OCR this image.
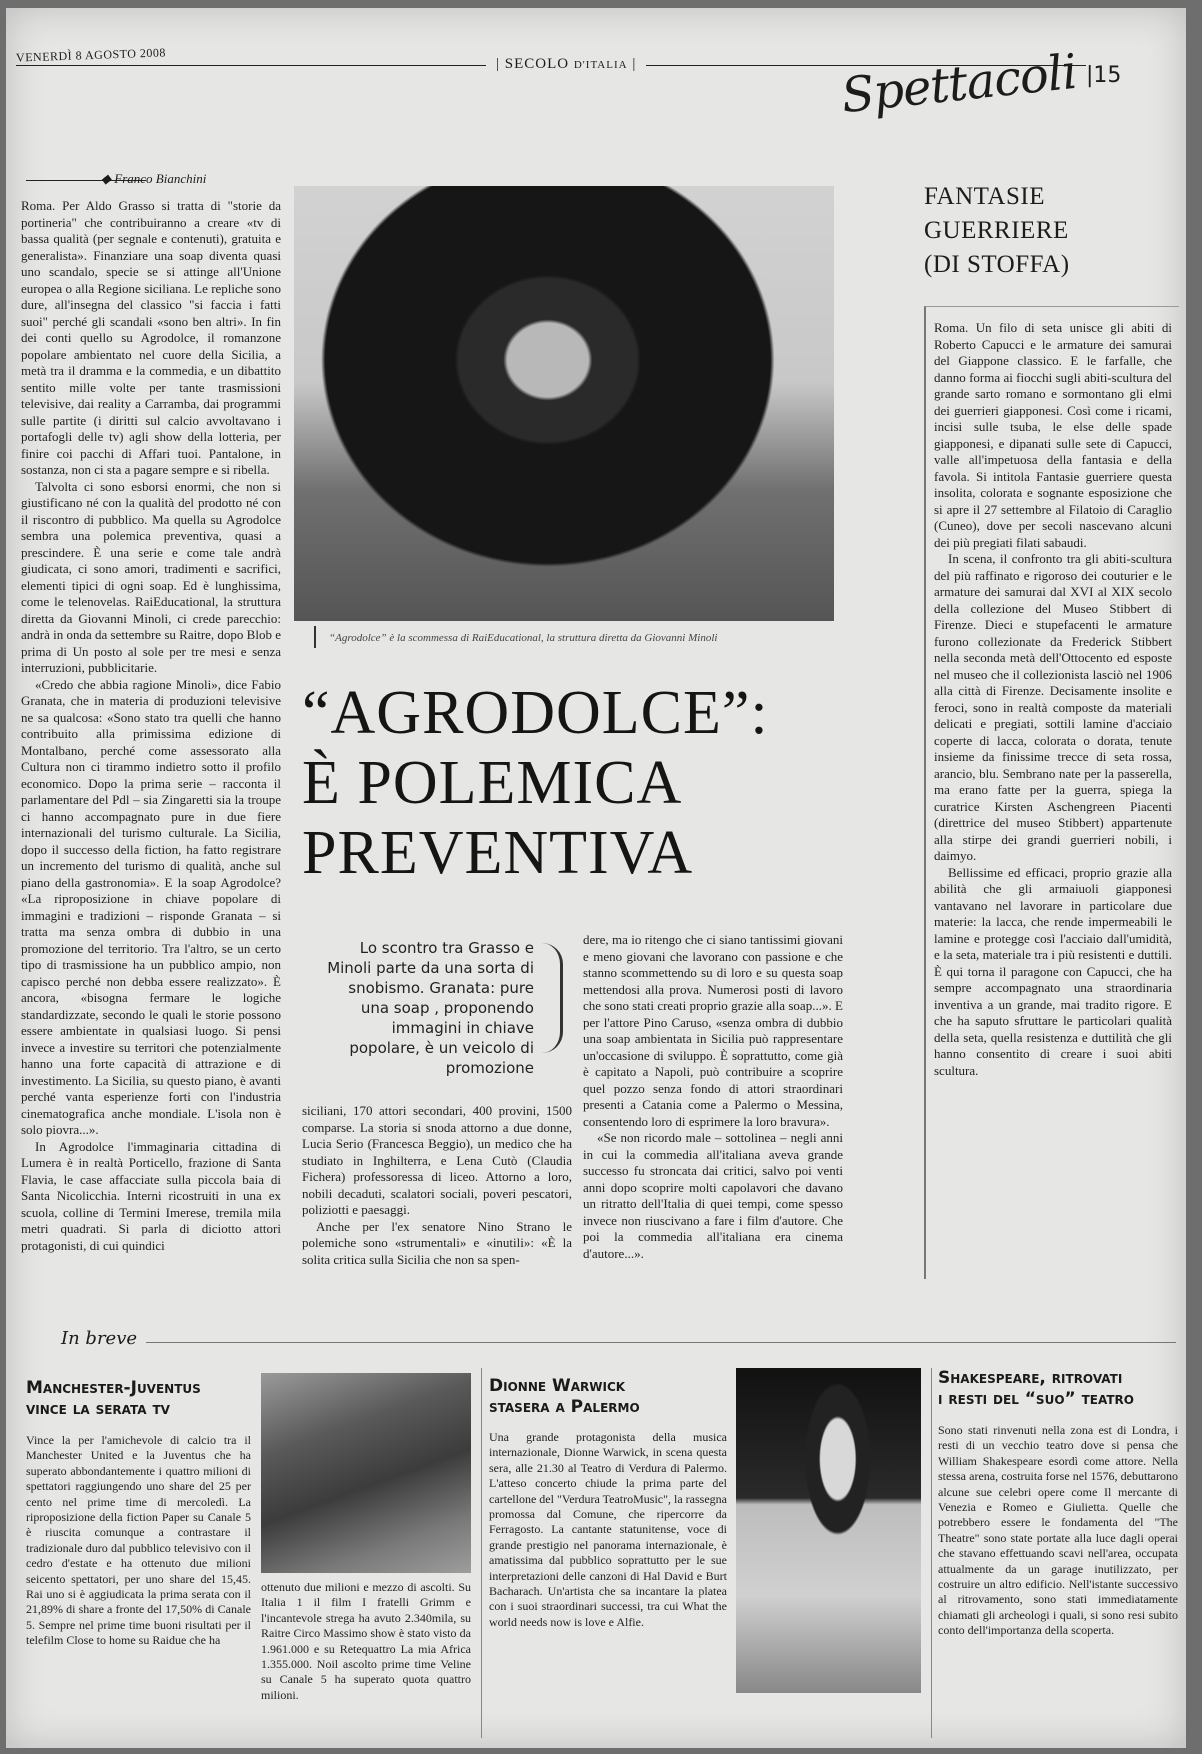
VENERDÌ 8 AGOSTO 2008	| SECOLO D'ITALIA |	Spettacoli |15
◆ Franco Bianchini

Roma. Per Aldo Grasso si tratta di "storie da portineria" che contribuiranno a creare «tv di bassa qualità (per segnale e contenuti), gratuita e generalista». Finanziare una soap diventa quasi uno scandalo, specie se si attinge all'Unione europea o alla Regione siciliana. Le repliche sono dure, all'insegna del classico "si faccia i fatti suoi" perché gli scandali «sono ben altri». In fin dei conti quello su Agrodolce, il romanzone popolare ambientato nel cuore della Sicilia, a metà tra il dramma e la commedia, e un dibattito sentito mille volte per tante trasmissioni televisive, dai reality a Carramba, dai programmi sulle partite (i diritti sul calcio avvoltavano i portafogli delle tv) agli show della lotteria, per finire coi pacchi di Affari tuoi. Pantalone, in sostanza, non ci sta a pagare sempre e si ribella.

Talvolta ci sono esborsi enormi, che non si giustificano né con la qualità del prodotto né con il riscontro di pubblico. Ma quella su Agrodolce sembra una polemica preventiva, quasi a prescindere. È una serie e come tale andrà giudicata, ci sono amori, tradimenti e sacrifici, elementi tipici di ogni soap. Ed è lunghissima, come le telenovelas. RaiEducational, la struttura diretta da Giovanni Minoli, ci crede parecchio: andrà in onda da settembre su Raitre, dopo Blob e prima di Un posto al sole per tre mesi e senza interruzioni, pubblicitarie.

«Credo che abbia ragione Minoli», dice Fabio Granata, che in materia di produzioni televisive ne sa qualcosa: «Sono stato tra quelli che hanno contribuito alla primissima edizione di Montalbano, perché come assessorato alla Cultura non ci tirammo indietro sotto il profilo economico. Dopo la prima serie – racconta il parlamentare del Pdl – sia Zingaretti sia la troupe ci hanno accompagnato pure in due fiere internazionali del turismo culturale. La Sicilia, dopo il successo della fiction, ha fatto registrare un incremento del turismo di qualità, anche sul piano della gastronomia». E la soap Agrodolce? «La riproposizione in chiave popolare di immagini e tradizioni – risponde Granata – si tratta ma senza ombra di dubbio in una promozione del territorio. Tra l'altro, se un certo tipo di trasmissione ha un pubblico ampio, non capisco perché non debba essere realizzato». È ancora, «bisogna fermare le logiche standardizzate, secondo le quali le storie possono essere ambientate in qualsiasi luogo. Si pensi invece a investire su territori che potenzialmente hanno una forte capacità di attrazione e di investimento. La Sicilia, su questo piano, è avanti perché vanta esperienze forti con l'industria cinematografica anche mondiale. L'isola non è solo piovra...».

In Agrodolce l'immaginaria cittadina di Lumera è in realtà Porticello, frazione di Santa Flavia, le case affacciate sulla piccola baia di Santa Nicolicchia. Interni ricostruiti in una ex scuola, colline di Termini Imerese, tremila mila metri quadrati. Si parla di diciotto attori protagonisti, di cui quindici

“Agrodolce” è la scommessa di RaiEducational, la struttura diretta da Giovanni Minoli
“AGRODOLCE”:
È POLEMICA
PREVENTIVA
Lo scontro tra Grasso e Minoli parte da una sorta di snobismo. Granata: pure una soap , proponendo immagini in chiave popolare, è un veicolo di promozione

siciliani, 170 attori secondari, 400 provini, 1500 comparse. La storia si snoda attorno a due donne, Lucia Serio (Francesca Beggio), un medico che ha studiato in Inghilterra, e Lena Cutò (Claudia Fichera) professoressa di liceo. Attorno a loro, nobili decaduti, scalatori sociali, poveri pescatori, poliziotti e paesaggi.

Anche per l'ex senatore Nino Strano le polemiche sono «strumentali» e «inutili»: «È la solita critica sulla Sicilia che non sa spen-

dere, ma io ritengo che ci siano tantissimi giovani e meno giovani che lavorano con passione e che stanno scommettendo su di loro e su questa soap mettendosi alla prova. Numerosi posti di lavoro che sono stati creati proprio grazie alla soap...». E per l'attore Pino Caruso, «senza ombra di dubbio una soap ambientata in Sicilia può rappresentare un'occasione di sviluppo. È soprattutto, come già è capitato a Napoli, può contribuire a scoprire quel pozzo senza fondo di attori straordinari presenti a Catania come a Palermo o Messina, consentendo loro di esprimere la loro bravura».

«Se non ricordo male – sottolinea – negli anni in cui la commedia all'italiana aveva grande successo fu stroncata dai critici, salvo poi venti anni dopo scoprire molti capolavori che davano un ritratto dell'Italia di quei tempi, come spesso invece non riuscivano a fare i film d'autore. Che poi la commedia all'italiana era cinema d'autore...».

FANTASIE
GUERRIERE
(DI STOFFA)

Roma. Un filo di seta unisce gli abiti di Roberto Capucci e le armature dei samurai del Giappone classico. E le farfalle, che danno forma ai fiocchi sugli abiti-scultura del grande sarto romano e sormontano gli elmi dei guerrieri giapponesi. Così come i ricami, incisi sulle tsuba, le else delle spade giapponesi, e dipanati sulle sete di Capucci, valle all'impetuosa della fantasia e della favola. Si intitola Fantasie guerriere questa insolita, colorata e sognante esposizione che si apre il 27 settembre al Filatoio di Caraglio (Cuneo), dove per secoli nascevano alcuni dei più pregiati filati sabaudi.

In scena, il confronto tra gli abiti-scultura del più raffinato e rigoroso dei couturier e le armature dei samurai dal XVI al XIX secolo della collezione del Museo Stibbert di Firenze. Dieci e stupefacenti le armature furono collezionate da Frederick Stibbert nella seconda metà dell'Ottocento ed esposte nel museo che il collezionista lasciò nel 1906 alla città di Firenze. Decisamente insolite e feroci, sono in realtà composte da materiali delicati e pregiati, sottili lamine d'acciaio coperte di lacca, colorata o dorata, tenute insieme da finissime trecce di seta rossa, arancio, blu. Sembrano nate per la passerella, ma erano fatte per la guerra, spiega la curatrice Kirsten Aschengreen Piacenti (direttrice del museo Stibbert) appartenute alla stirpe dei grandi guerrieri nobili, i daimyo.

Bellissime ed efficaci, proprio grazie alla abilità che gli armaiuoli giapponesi vantavano nel lavorare in particolare due materie: la lacca, che rende impermeabili le lamine e protegge così l'acciaio dall'umidità, e la seta, materiale tra i più resistenti e duttili. È qui torna il paragone con Capucci, che ha sempre accompagnato una straordinaria inventiva a un grande, mai tradito rigore. E che ha saputo sfruttare le particolari qualità della seta, quella resistenza e duttilità che gli hanno consentito di creare i suoi abiti scultura.

In breve
Manchester-Juventus
vince la serata tv

Vince la per l'amichevole di calcio tra il Manchester United e la Juventus che ha superato abbondantemente i quattro milioni di spettatori raggiungendo uno share del 25 per cento nel prime time di mercoledì. La riproposizione della fiction Paper su Canale 5 è riuscita comunque a contrastare il tradizionale duro dal pubblico televisivo con il cedro d'estate e ha ottenuto due milioni seicento spettatori, per uno share del 15,45. Rai uno si è aggiudicata la prima serata con il 21,89% di share a fronte del 17,50% di Canale 5. Sempre nel prime time buoni risultati per il telefilm Close to home su Raidue che ha

ottenuto due milioni e mezzo di ascolti. Su Italia 1 il film I fratelli Grimm e l'incantevole strega ha avuto 2.340mila, su Raitre Circo Massimo show è stato visto da 1.961.000 e su Retequattro La mia Africa 1.355.000. Noil ascolto prime time Veline su Canale 5 ha superato quota quattro milioni.

Dionne Warwick
stasera a Palermo

Una grande protagonista della musica internazionale, Dionne Warwick, in scena questa sera, alle 21.30 al Teatro di Verdura di Palermo. L'atteso concerto chiude la prima parte del cartellone del "Verdura TeatroMusic", la rassegna promossa dal Comune, che ripercorre da Ferragosto. La cantante statunitense, voce di grande prestigio nel panorama internazionale, è amatissima dal pubblico soprattutto per le sue interpretazioni delle canzoni di Hal David e Burt Bacharach. Un'artista che sa incantare la platea con i suoi straordinari successi, tra cui What the world needs now is love e Alfie.

Shakespeare, ritrovati
i resti del “suo” teatro

Sono stati rinvenuti nella zona est di Londra, i resti di un vecchio teatro dove si pensa che William Shakespeare esordì come attore. Nella stessa arena, costruita forse nel 1576, debuttarono alcune sue celebri opere come Il mercante di Venezia e Romeo e Giulietta. Quelle che potrebbero essere le fondamenta del "The Theatre" sono state portate alla luce dagli operai che stavano effettuando scavi nell'area, occupata attualmente da un garage inutilizzato, per costruire un altro edificio. Nell'istante successivo al ritrovamento, sono stati immediatamente chiamati gli archeologi i quali, si sono resi subito conto dell'importanza della scoperta.
